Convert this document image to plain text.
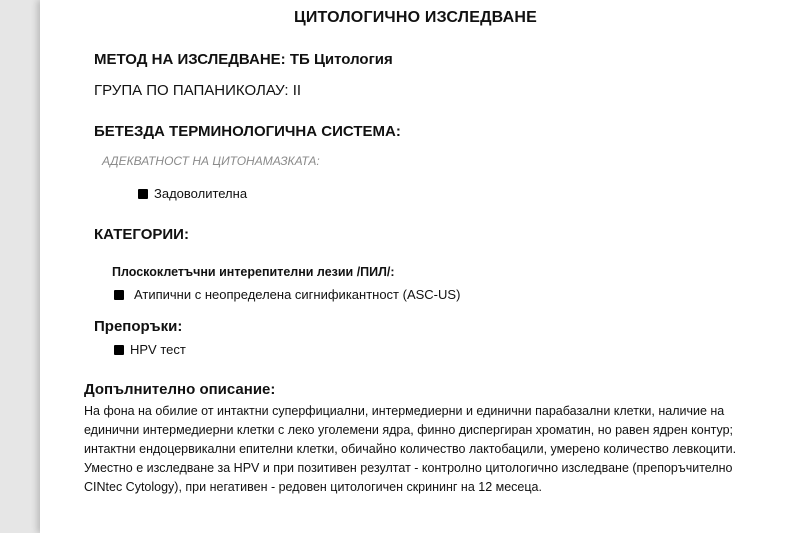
ЦИТОЛОГИЧНО ИЗСЛЕДВАНЕ
МЕТОД НА ИЗСЛЕДВАНЕ: ТБ Цитология
ГРУПА ПО ПАПАНИКОЛАУ: II
БЕТЕЗДА ТЕРМИНОЛОГИЧНА СИСТЕМА:
АДЕКВАТНОСТ НА ЦИТОНАМАЗКАТА:
Задоволителна
КАТЕГОРИИ:
Плоскоклетъчни интерепителни лезии /ПИЛ/:
Атипични с неопределена сигнификантност (ASC-US)
Препоръки:
HPV тест
Допълнително описание:
На фона на обилие от интактни суперфициални, интермедиерни и единични парабазални клетки, наличие на единични интермедиерни клетки с леко уголемени ядра, финно диспергиран хроматин, но равен ядрен контур; интактни ендоцервикални епителни клетки, обичайно количество лактобацили, умерено количество левкоцити. Уместно е изследване за HPV и при позитивен резултат - контролно цитологично изследване (препоръчително CINtec Cytology), при негативен - редовен цитологичен скрининг на 12 месеца.
